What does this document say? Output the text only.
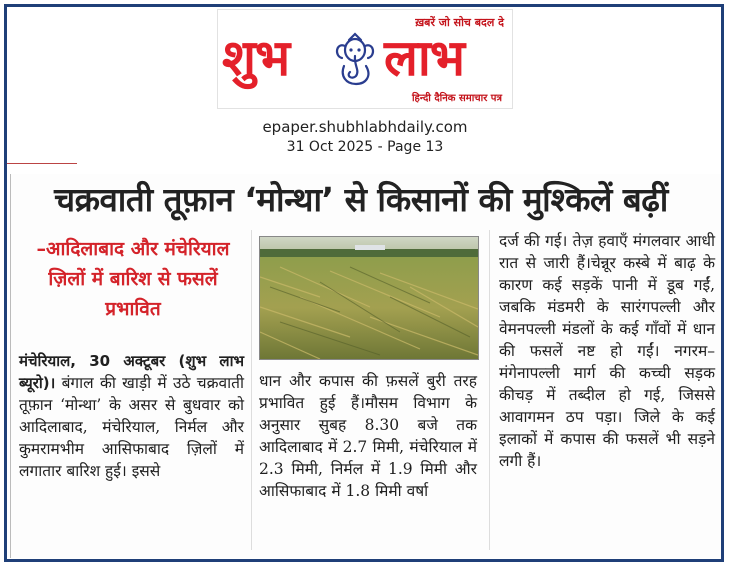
ख़बरें जो सोच बदल दे
शुभ लाभ
हिन्दी दैनिक समाचार पत्र
epaper.shubhlabhdaily.com
31 Oct 2025 - Page 13
चक्रवाती तूफ़ान ‘मोन्था’ से किसानों की मुश्किलें बढ़ीं
–आदिलाबाद और मंचेरियाल ज़िलों में बारिश से फसलें प्रभावित
मंचेरियाल, 30 अक्टूबर (शुभ लाभ ब्यूरो)। बंगाल की खाड़ी में उठे चक्रवाती तूफ़ान ‘मोन्था’ के असर से बुधवार को आदिलाबाद, मंचेरियाल, निर्मल और कुमरामभीम आसिफाबाद ज़िलों में लगातार बारिश हुई। इससे
धान और कपास की फ़सलें बुरी तरह प्रभावित हुई हैं।मौसम विभाग के अनुसार सुबह 8.30 बजे तक आदिलाबाद में 2.7 मिमी, मंचेरियाल में 2.3 मिमी, निर्मल में 1.9 मिमी और आसिफाबाद में 1.8 मिमी वर्षा
दर्ज की गई। तेज़ हवाएँ मंगलवार आधी रात से जारी हैं।चेन्नूर कस्बे में बाढ़ के कारण कई सड़कें पानी में डूब गईं, जबकि मंडमरी के सारंगपल्ली और वेमनपल्ली मंडलों के कई गाँवों में धान की फसलें नष्ट हो गईं। नगरम–मंगेनापल्ली मार्ग की कच्ची सड़क कीचड़ में तब्दील हो गई, जिससे आवागमन ठप पड़ा। जिले के कई इलाकों में कपास की फसलें भी सड़ने लगी हैं।
